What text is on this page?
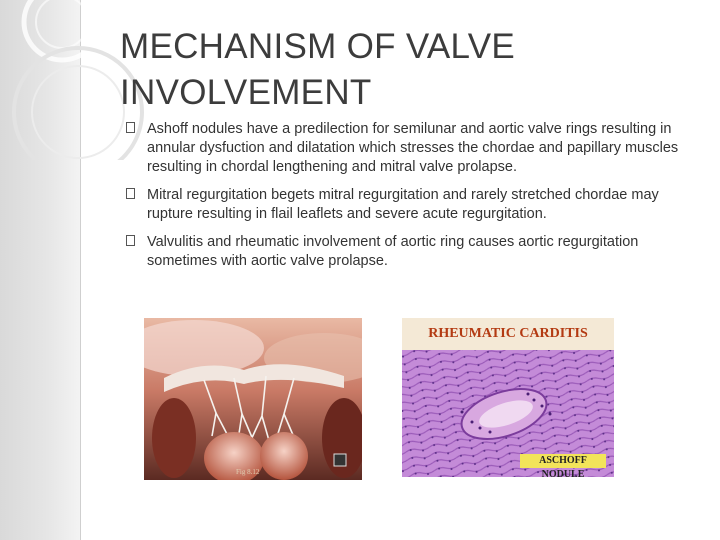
MECHANISM OF VALVE INVOLVEMENT
Ashoff nodules have a predilection for semilunar and aortic valve rings resulting in annular dysfuction and dilatation which stresses the chordae and papillary muscles resulting in chordal lengthening and mitral valve prolapse.
Mitral regurgitation begets mitral regurgitation and rarely stretched chordae may rupture resulting in flail leaflets and severe acute regurgitation.
Valvulitis and rheumatic involvement of aortic ring causes aortic regurgitation sometimes with aortic valve prolapse.
Fig 8.12
RHEUMATIC CARDITIS
ASCHOFF NODULE
